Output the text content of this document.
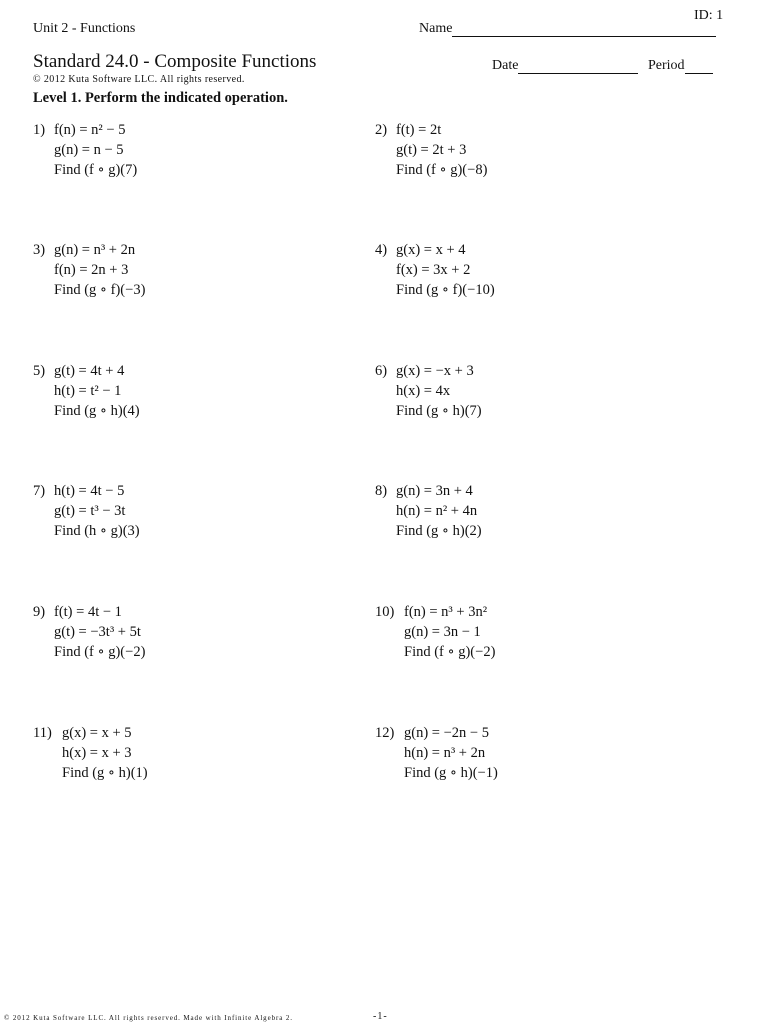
ID: 1
Unit 2 - Functions	Name
Standard 24.0 - Composite Functions	Date	Period
© 2012 Kuta Software LLC. All rights reserved.
Level 1. Perform the indicated operation.
1) f(n) = n² − 5
g(n) = n − 5
Find (f ∘ g)(7)
2) f(t) = 2t
g(t) = 2t + 3
Find (f ∘ g)(−8)
3) g(n) = n³ + 2n
f(n) = 2n + 3
Find (g ∘ f)(−3)
4) g(x) = x + 4
f(x) = 3x + 2
Find (g ∘ f)(−10)
5) g(t) = 4t + 4
h(t) = t² − 1
Find (g ∘ h)(4)
6) g(x) = −x + 3
h(x) = 4x
Find (g ∘ h)(7)
7) h(t) = 4t − 5
g(t) = t³ − 3t
Find (h ∘ g)(3)
8) g(n) = 3n + 4
h(n) = n² + 4n
Find (g ∘ h)(2)
9) f(t) = 4t − 1
g(t) = −3t³ + 5t
Find (f ∘ g)(−2)
10) f(n) = n³ + 3n²
g(n) = 3n − 1
Find (f ∘ g)(−2)
11) g(x) = x + 5
h(x) = x + 3
Find (g ∘ h)(1)
12) g(n) = −2n − 5
h(n) = n³ + 2n
Find (g ∘ h)(−1)
© 2012 Kuta Software LLC. All rights reserved. Made with Infinite Algebra 2.	-1-
